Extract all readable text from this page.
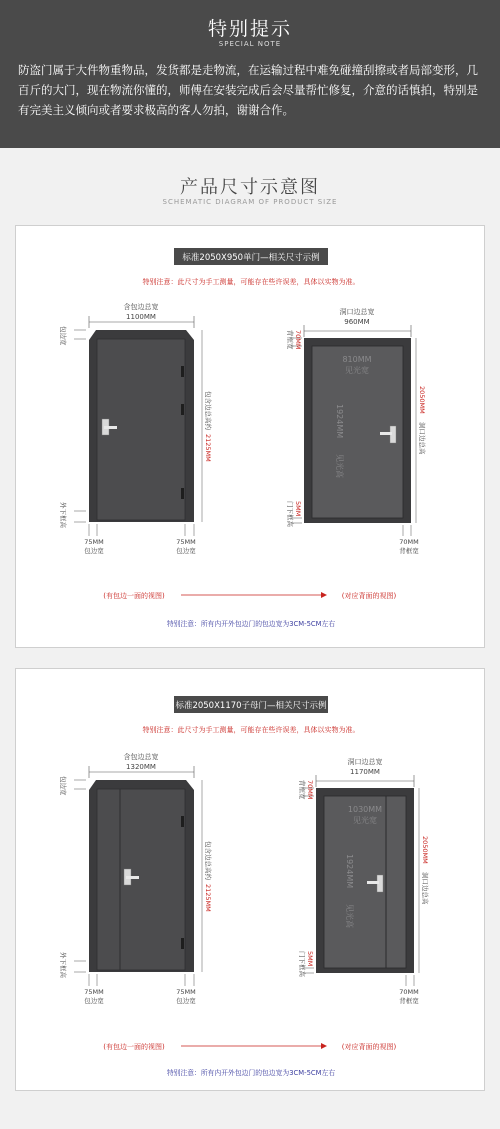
特别提示
SPECIAL NOTE
防盗门属于大件物重物品，发货都是走物流，在运输过程中难免碰撞刮擦或者局部变形，几百斤的大门，现在物流你懂的，师傅在安装完成后会尽量帮忙修复，介意的话慎拍，特别是有完美主义倾向或者要求极高的客人勿拍，谢谢合作。
产品尺寸示意图
SCHEMATIC DIAGRAM OF PRODUCT SIZE
标准2050X950单门—相关尺寸示例
特别注意：此尺寸为手工测量，可能存在些许误差，具体以实物为准。
含包边总宽
1100MM
包边宽
外下框高
包含边总高约
2125MM
75MM
包边宽
75MM
包边宽
洞口边总宽
960MM
810MM
见光宽
1924MM
见光高
背框宽 70MM
门下框高 5MM
2050MM
洞口边总高
70MM
背框宽
(有包边一面的视图)	(对应背面的视图)
特别注意：所有内开外包边门的包边宽为3CM-5CM左右
标准2050X1170子母门—相关尺寸示例
特别注意：此尺寸为手工测量，可能存在些许误差，具体以实物为准。
含包边总宽
1320MM
包边宽
外下框高
包含边总高约
2125MM
75MM
包边宽
75MM
包边宽
洞口边总宽
1170MM
1030MM
见光宽
1924MM
见光高
背框宽 70MM
门下框高 5MM
2050MM
洞口边总高
70MM
背框宽
(有包边一面的视图)	(对应背面的视图)
特别注意：所有内开外包边门的包边宽为3CM-5CM左右
